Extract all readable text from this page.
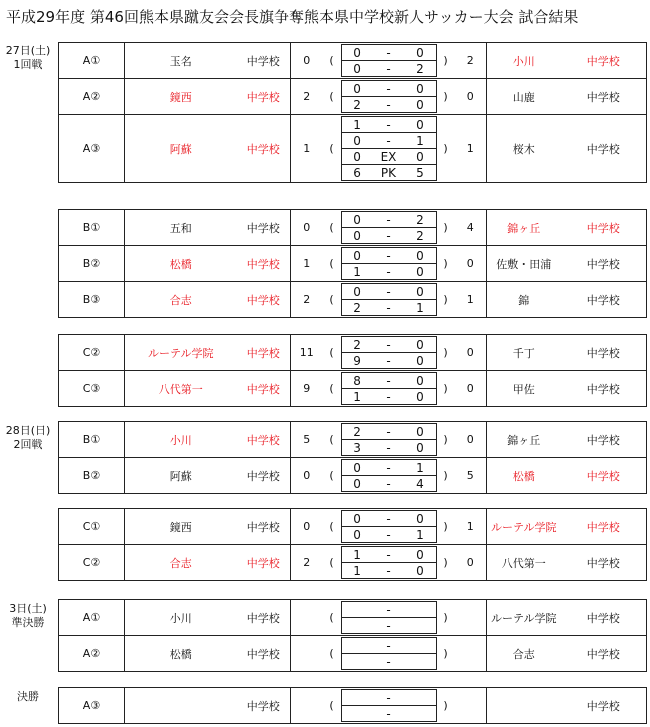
平成29年度 第46回熊本県蹴友会会長旗争奪熊本県中学校新人サッカー大会 試合結果
27日(土)
1回戦
28日(日)
2回戦
3日(土)
準決勝
決勝
A①	玉名	中学校	0	(	
0	-	0
0	-	2
	)	2	小川	中学校
A②	鏡西	中学校	2	(	
0	-	0
2	-	0
	)	0	山鹿	中学校
A③	阿蘇	中学校	1	(	
1	-	0
0	-	1
0	EX	0
6	PK	5
	)	1	桜木	中学校
B①	五和	中学校	0	(	
0	-	2
0	-	2
	)	4	錦ヶ丘	中学校
B②	松橋	中学校	1	(	
0	-	0
1	-	0
	)	0	佐敷・田浦	中学校
B③	合志	中学校	2	(	
0	-	0
2	-	1
	)	1	錦	中学校
C②	ルーテル学院	中学校	11	(	
2	-	0
9	-	0
	)	0	千丁	中学校
C③	八代第一	中学校	9	(	
8	-	0
1	-	0
	)	0	甲佐	中学校
B①	小川	中学校	5	(	
2	-	0
3	-	0
	)	0	錦ヶ丘	中学校
B②	阿蘇	中学校	0	(	
0	-	1
0	-	4
	)	5	松橋	中学校
C①	鏡西	中学校	0	(	
0	-	0
0	-	1
	)	1	ルーテル学院	中学校
C②	合志	中学校	2	(	
1	-	0
1	-	0
	)	0	八代第一	中学校
A①	小川	中学校		(	
	-	
	-	
	)		ルーテル学院	中学校
A②	松橋	中学校		(	
	-	
	-	
	)		合志	中学校
A③		中学校		(	
	-	
	-	
	)			中学校
